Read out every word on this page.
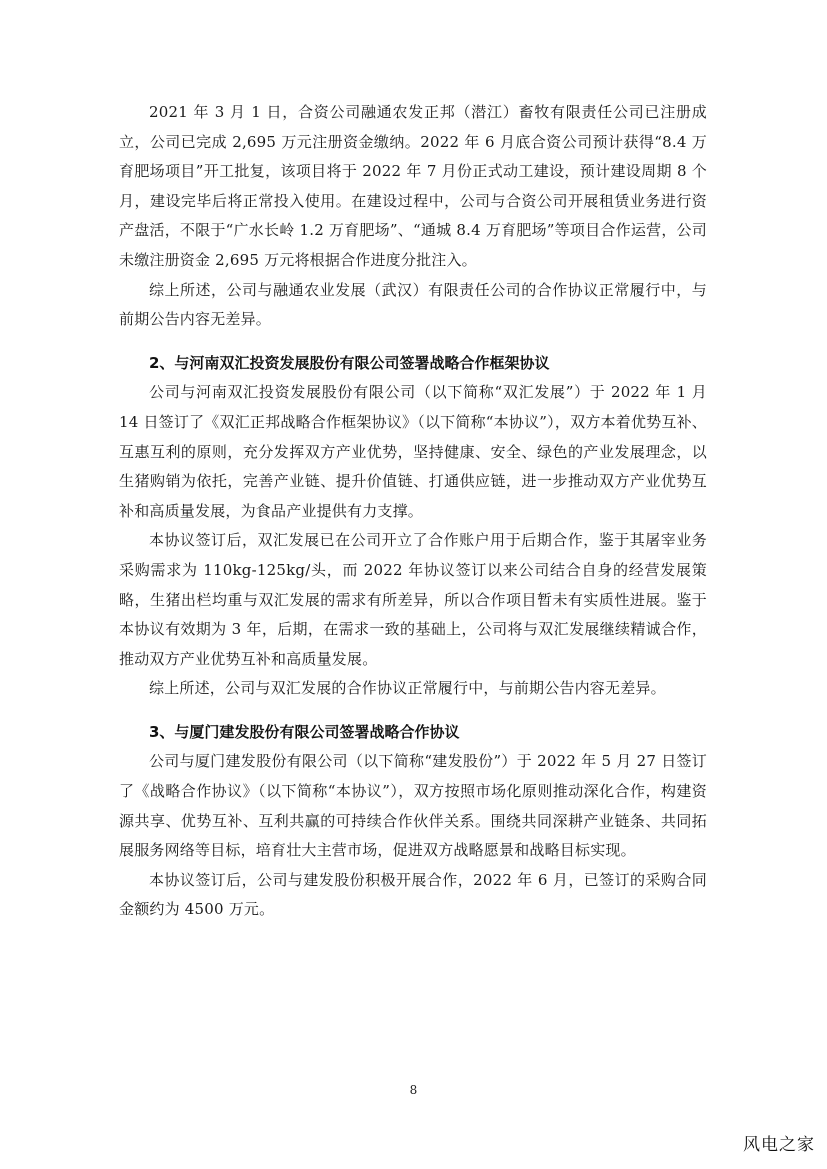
2021 年 3 月 1 日，合资公司融通农发正邦（潜江）畜牧有限责任公司已注册成立，公司已完成 2,695 万元注册资金缴纳。2022 年 6 月底合资公司预计获得“8.4 万育肥场项目”开工批复，该项目将于 2022 年 7 月份正式动工建设，预计建设周期 8 个月，建设完毕后将正常投入使用。在建设过程中，公司与合资公司开展租赁业务进行资产盘活，不限于“广水长岭 1.2 万育肥场”、“通城 8.4 万育肥场”等项目合作运营，公司未缴注册资金 2,695 万元将根据合作进度分批注入。

综上所述，公司与融通农业发展（武汉）有限责任公司的合作协议正常履行中，与前期公告内容无差异。

2、与河南双汇投资发展股份有限公司签署战略合作框架协议

公司与河南双汇投资发展股份有限公司（以下简称“双汇发展”）于 2022 年 1 月 14 日签订了《双汇正邦战略合作框架协议》（以下简称“本协议”），双方本着优势互补、互惠互利的原则，充分发挥双方产业优势，坚持健康、安全、绿色的产业发展理念，以生猪购销为依托，完善产业链、提升价值链、打通供应链，进一步推动双方产业优势互补和高质量发展，为食品产业提供有力支撑。

本协议签订后，双汇发展已在公司开立了合作账户用于后期合作，鉴于其屠宰业务采购需求为 110kg-125kg/头，而 2022 年协议签订以来公司结合自身的经营发展策略，生猪出栏均重与双汇发展的需求有所差异，所以合作项目暂未有实质性进展。鉴于本协议有效期为 3 年，后期，在需求一致的基础上，公司将与双汇发展继续精诚合作，推动双方产业优势互补和高质量发展。

综上所述，公司与双汇发展的合作协议正常履行中，与前期公告内容无差异。

3、与厦门建发股份有限公司签署战略合作协议

公司与厦门建发股份有限公司（以下简称“建发股份”）于 2022 年 5 月 27 日签订了《战略合作协议》（以下简称“本协议”），双方按照市场化原则推动深化合作，构建资源共享、优势互补、互利共赢的可持续合作伙伴关系。围绕共同深耕产业链条、共同拓展服务网络等目标，培育壮大主营市场，促进双方战略愿景和战略目标实现。

本协议签订后，公司与建发股份积极开展合作，2022 年 6 月，已签订的采购合同金额约为 4500 万元。

8
风电之家
